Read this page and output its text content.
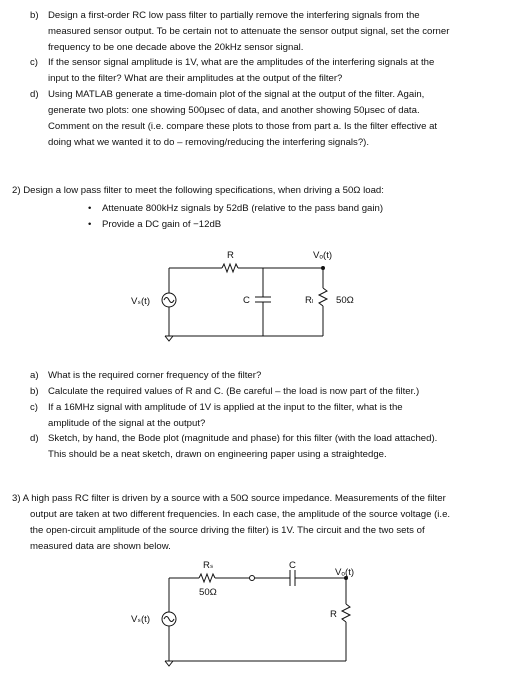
b) Design a first-order RC low pass filter to partially remove the interfering signals from the
measured sensor output. To be certain not to attenuate the sensor output signal, set the corner
frequency to be one decade above the 20kHz sensor signal.
c) If the sensor signal amplitude is 1V, what are the amplitudes of the interfering signals at the
input to the filter? What are their amplitudes at the output of the filter?
d) Using MATLAB generate a time-domain plot of the signal at the output of the filter. Again,
generate two plots: one showing 500μsec of data, and another showing 50μsec of data.
Comment on the result (i.e. compare these plots to those from part a. Is the filter effective at
doing what we wanted it to do – removing/reducing the interfering signals?).
2) Design a low pass filter to meet the following specifications, when driving a 50Ω load:
• Attenuate 800kHz signals by 52dB (relative to the pass band gain)
• Provide a DC gain of −12dB
R	Vₒ(t)
Vₛ(t)	C	Rₗ 50Ω
a) What is the required corner frequency of the filter?
b) Calculate the required values of R and C. (Be careful – the load is now part of the filter.)
c) If a 16MHz signal with amplitude of 1V is applied at the input to the filter, what is the
amplitude of the signal at the output?
d) Sketch, by hand, the Bode plot (magnitude and phase) for this filter (with the load attached).
This should be a neat sketch, drawn on engineering paper using a straightedge.
3) A high pass RC filter is driven by a source with a 50Ω source impedance. Measurements of the filter
output are taken at two different frequencies. In each case, the amplitude of the source voltage (i.e.
the open-circuit amplitude of the source driving the filter) is 1V. The circuit and the two sets of
measured data are shown below.
Rₛ
50Ω
C
Vₒ(t)
Vₛ(t)	R
